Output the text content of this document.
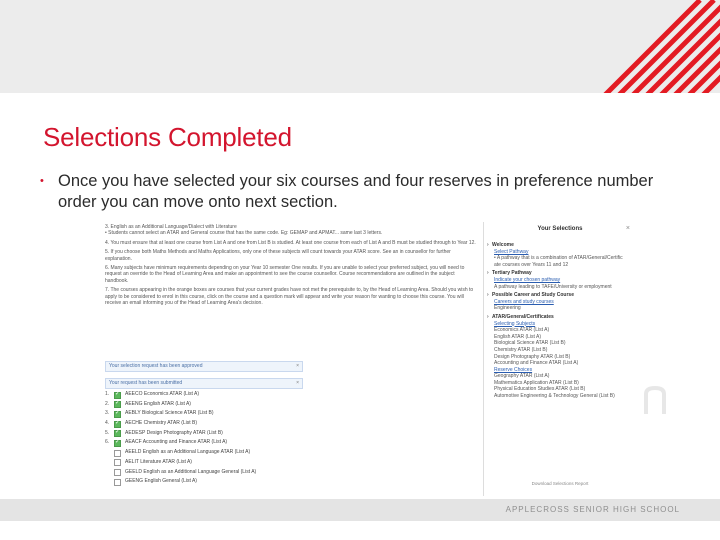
Selections Completed
• Once you have selected your six courses and four reserves in preference number order you can move onto next section.

3. English as an Additional Language/Dialect with Literature
• Students cannot select an ATAR and General course that has the same code. Eg: GEMAP and APMAT... same last 3 letters.

4. You must ensure that at least one course from List A and one from List B is studied. At least one course from each of List A and B must be studied through to Year 12.

5. If you choose both Maths Methods and Maths Applications, only one of these subjects will count towards your ATAR score. See an in counsellor for further explanation.

6. Many subjects have minimum requirements depending on your Year 10 semester One results. If you are unable to select your preferred subject, you will need to request an override to the Head of Learning Area and make an appointment to see the course counsellor. Course recommendations are outlined in the subject handbook.

7. The courses appearing in the orange boxes are courses that your current grades have not met the prerequisite to, by the Head of Learning Area. Should you wish to apply to be considered to enrol in this course, click on the course and a question mark will appear and write your reason for wanting to choose this course. You will receive an email informing you of the Head of Learning Area's decision.

Your selection request has been approved	×
Your request has been submitted	×
1. ✓	AEECO Economics ATAR (List A)
2. ✓	AEENG English ATAR (List A)
3. ✓	AEBLY Biological Science ATAR (List B)
4. ✓	AECHE Chemistry ATAR (List B)
5. ✓	AEDESP Design Photography ATAR (List B)
6. ✓	AEACF Accounting and Finance ATAR (List A)
AEELD English as an Additional Language ATAR (List A)
AELIT Literature ATAR (List A)
GEELD English as an Additional Language General (List A)
GEENG English General (List A)
Your Selections	×
› Welcome
Select Pathway
• A pathway that is a combination of ATAR/General/Certific
ate courses over Years 11 and 12
› Tertiary Pathway
Indicate your chosen pathway
A pathway leading to TAFE/University or employment
› Possible Career and Study Course
Careers and study courses
Engineering
› ATAR/General/Certificates
Selecting Subjects
Economics ATAR (List A)
English ATAR (List A)
Biological Science ATAR (List B)
Chemistry ATAR (List B)
Design Photography ATAR (List B)
Accounting and Finance ATAR (List A)
Reserve Choices
Geography ATAR (List A)
Mathematics Application ATAR (List B)
Physical Education Studies ATAR (List B)
Automotive Engineering & Technology General (List B)
Download Selections Report
APPLECROSS SENIOR HIGH SCHOOL
